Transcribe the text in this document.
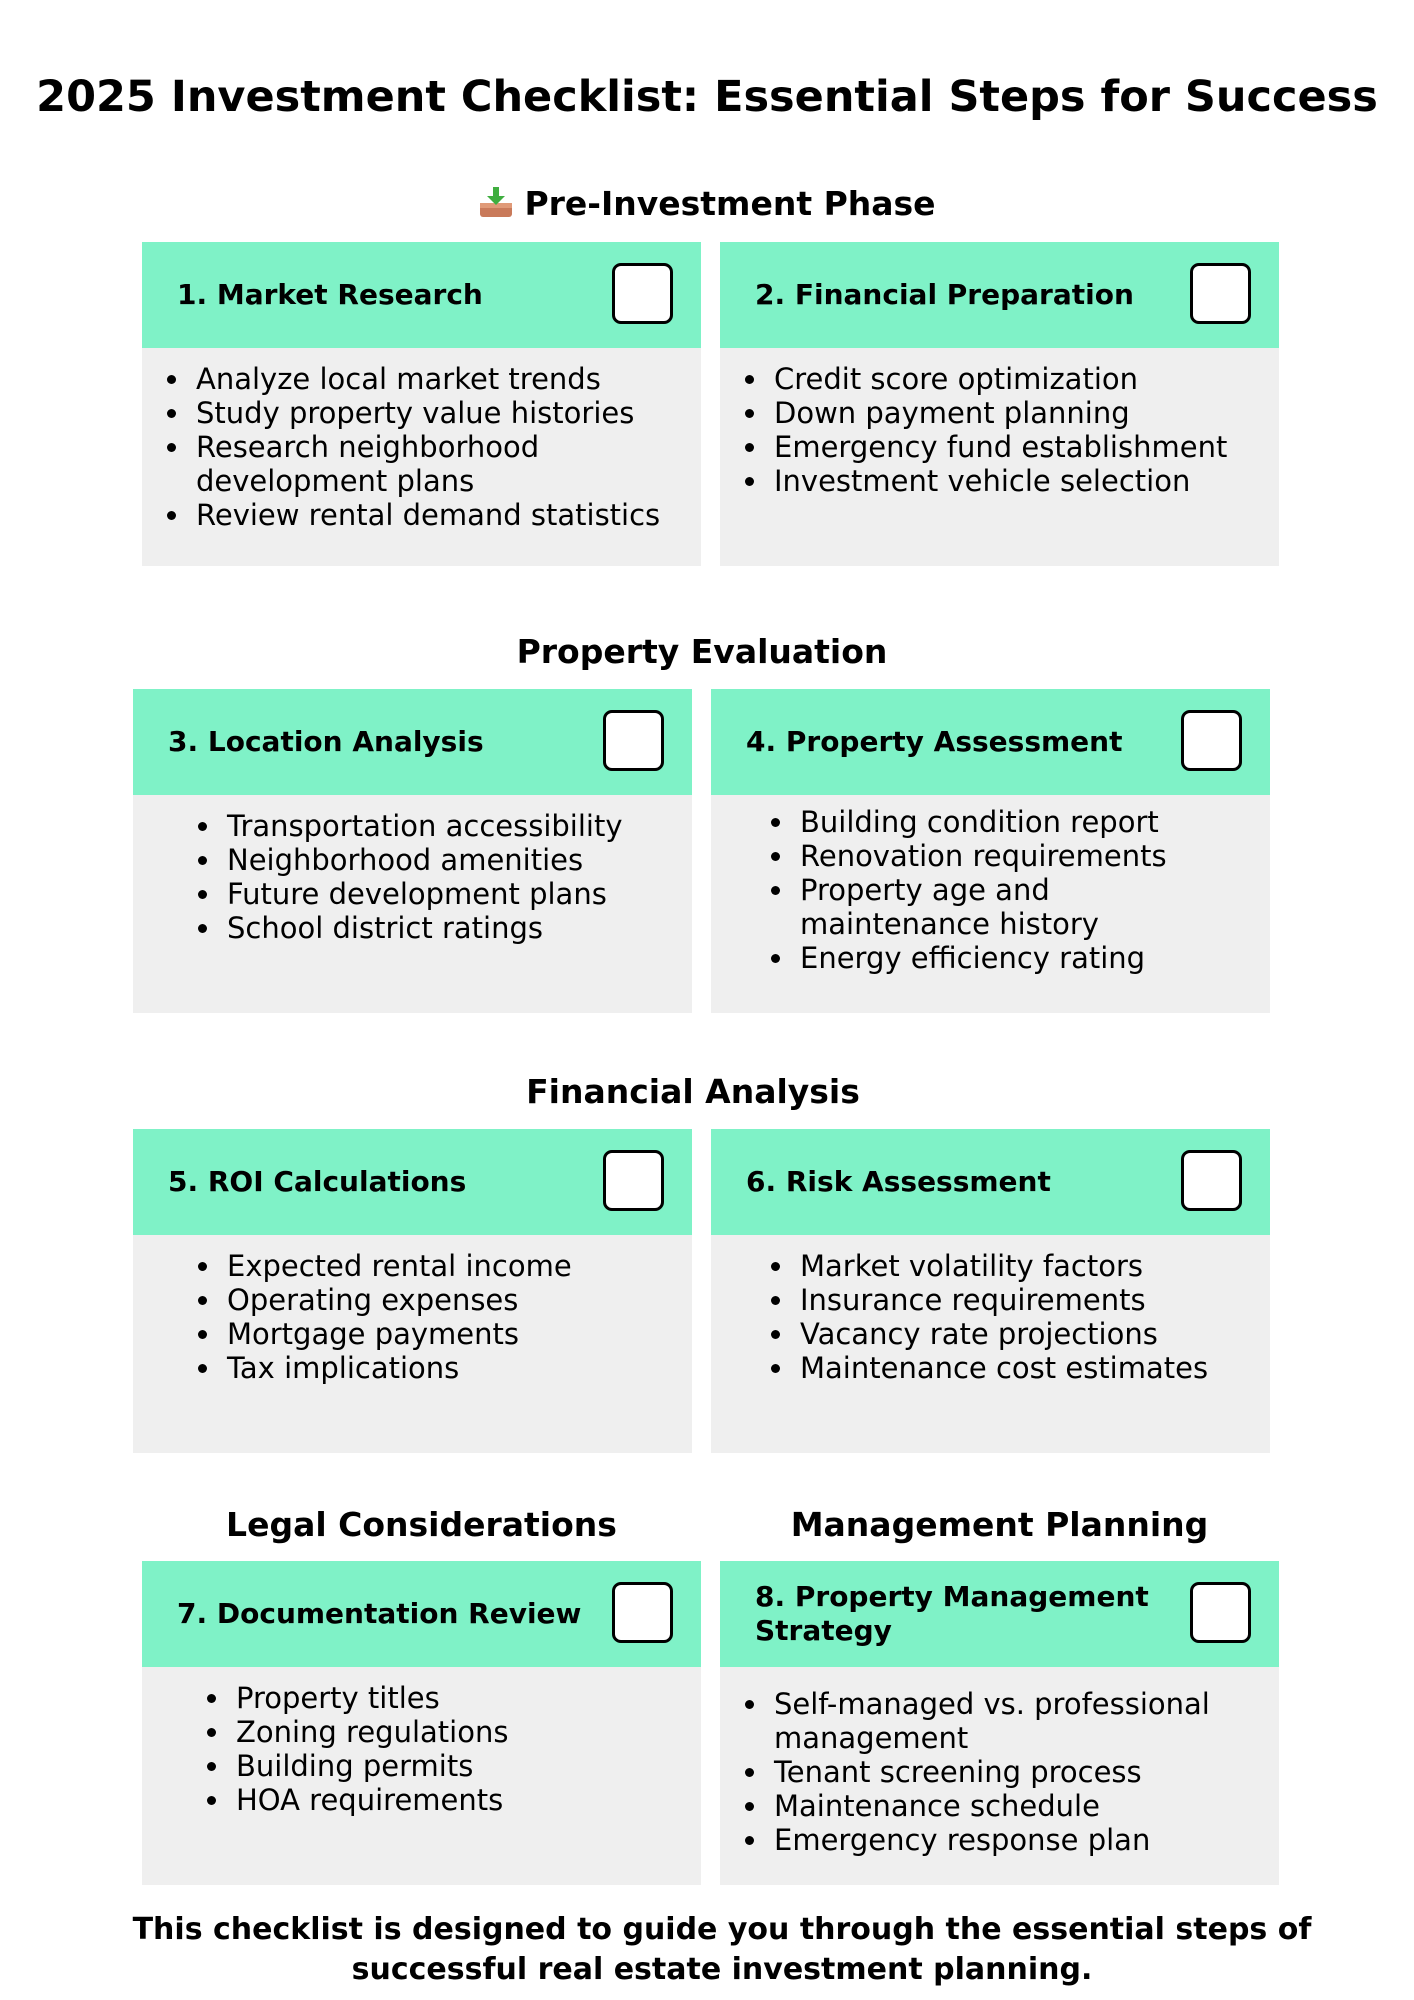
2025 Investment Checklist: Essential Steps for Success
Pre-Investment Phase
1. Market Research
• Analyze local market trends
• Study property value histories
• Research neighborhood development plans
• Review rental demand statistics
2. Financial Preparation
• Credit score optimization
• Down payment planning
• Emergency fund establishment
• Investment vehicle selection
Property Evaluation
3. Location Analysis
• Transportation accessibility
• Neighborhood amenities
• Future development plans
• School district ratings
4. Property Assessment
• Building condition report
• Renovation requirements
• Property age and maintenance history
• Energy efficiency rating
Financial Analysis
5. ROI Calculations
• Expected rental income
• Operating expenses
• Mortgage payments
• Tax implications
6. Risk Assessment
• Market volatility factors
• Insurance requirements
• Vacancy rate projections
• Maintenance cost estimates
Legal Considerations	Management Planning
7. Documentation Review
• Property titles
• Zoning regulations
• Building permits
• HOA requirements
8. Property Management Strategy
• Self-managed vs. professional management
• Tenant screening process
• Maintenance schedule
• Emergency response plan
This checklist is designed to guide you through the essential steps of successful real estate investment planning.
